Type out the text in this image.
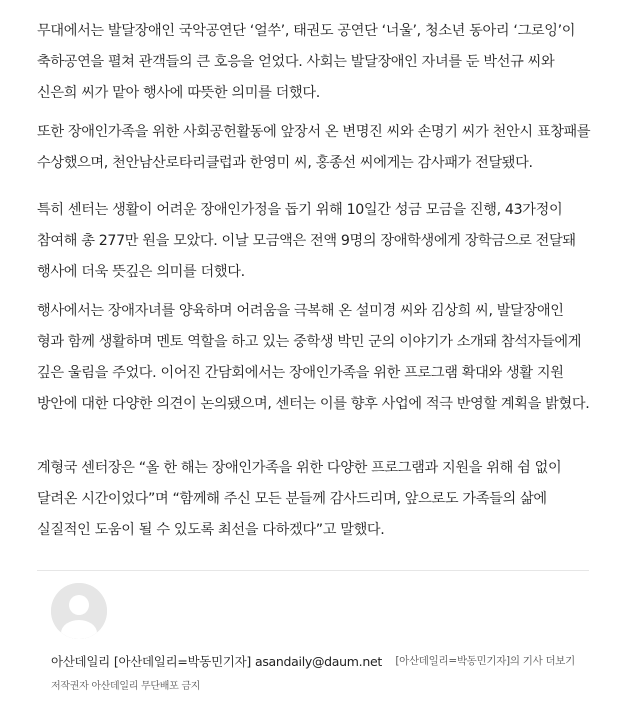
무대에서는 발달장애인 국악공연단 ‘얼쑤’, 태권도 공연단 ‘너울’, 청소년 동아리 ‘그로잉’이 축하공연을 펼쳐 관객들의 큰 호응을 얻었다. 사회는 발달장애인 자녀를 둔 박선규 씨와 신은희 씨가 맡아 행사에 따뜻한 의미를 더했다.

또한 장애인가족을 위한 사회공헌활동에 앞장서 온 변명진 씨와 손명기 씨가 천안시 표창패를 수상했으며, 천안남산로타리클럽과 한영미 씨, 홍종선 씨에게는 감사패가 전달됐다.

특히 센터는 생활이 어려운 장애인가정을 돕기 위해 10일간 성금 모금을 진행, 43가정이 참여해 총 277만 원을 모았다. 이날 모금액은 전액 9명의 장애학생에게 장학금으로 전달돼 행사에 더욱 뜻깊은 의미를 더했다.

행사에서는 장애자녀를 양육하며 어려움을 극복해 온 설미경 씨와 김상희 씨, 발달장애인 형과 함께 생활하며 멘토 역할을 하고 있는 중학생 박민 군의 이야기가 소개돼 참석자들에게 깊은 울림을 주었다. 이어진 간담회에서는 장애인가족을 위한 프로그램 확대와 생활 지원 방안에 대한 다양한 의견이 논의됐으며, 센터는 이를 향후 사업에 적극 반영할 계획을 밝혔다.

계형국 센터장은 “올 한 해는 장애인가족을 위한 다양한 프로그램과 지원을 위해 쉼 없이 달려온 시간이었다”며 “함께해 주신 모든 분들께 감사드리며, 앞으로도 가족들의 삶에 실질적인 도움이 될 수 있도록 최선을 다하겠다”고 말했다.

아산데일리 [아산데일리=박동민기자] asandaily@daum.net	[아산데일리=박동민기자]의 기사 더보기
저작권자 아산데일리 무단배포 금지
